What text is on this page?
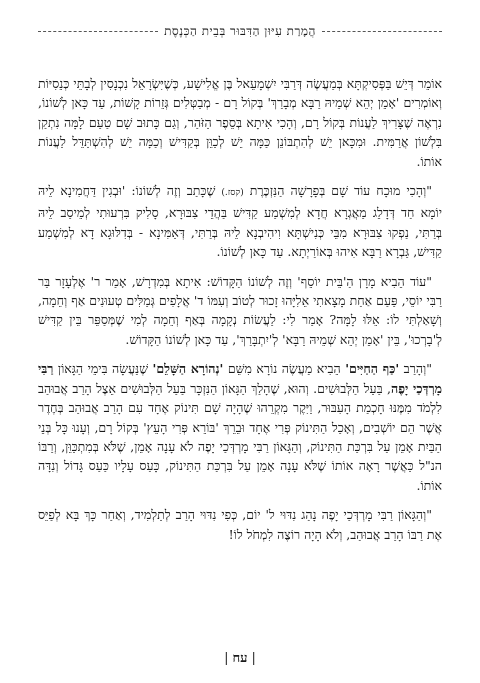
הֲמָרַת עִיּוּן הַדִּבּוּר בְּבֵית הַכְּנֶסֶת

אוֹמֵר דְּיֵשׁ בַּפְּסִיקְתָּא בְּמַעֲשֶׂה דְּרַבִּי יִשְׁמָעֵאל בֶּן אֱלִישָׁע, כְּשֶׁיִּשְׂרָאֵל נִכְנָסִין לְבָתֵּי כְּנֵסִיּוֹת וְאוֹמְרִים 'אָמֵן יְהֵא שְׁמֵיהּ רַבָּא מְבָרַךְ' בְּקוֹל רָם - מְבַטְּלִים גְּזֵרוֹת קָשׁוֹת, עַד כָּאן לְשׁוֹנוֹ, נִרְאֶה שֶׁצָּרִיךְ לַעֲנוֹת בְּקוֹל רָם, וְהָכִי אִיתָא בְּסֵפֶר הַזֹּהַר, וְגַם כָּתוּב שָׁם טַעַם לָמָּה נִתְקַן בִּלְשׁוֹן אֲרַמִּית. וּמִכָּאן יֵשׁ לְהִתְבּוֹנֵן כַּמָּה יֵשׁ לְכַוֵּן בְּקַדִּישׁ וְכַמָּה יֵשׁ לְהִשְׁתַּדֵּל לַעֲנוֹת אוֹתוֹ.

"וְהָכִי מוּכָח עוֹד שָׁם בְּפָרָשָׁה הַנִּזְכֶּרֶת (קסז.) שֶׁכָּתַב וְזֶה לְשׁוֹנוֹ: 'וּבְגִין דַּחֲמִינָא לֵיהּ יוֹמָא חַד דְּדָלֵג מַאֲגְרָא חֲדָא לְמִשְׁמַע קַדִּישׁ בַּהֲדֵי צִבּוּרָא, סָלִיק בִּרְעוּתִי לְמֵיסַב לֵיהּ בְּרַתִּי, נַפְקוּ צִבּוּרָא מִבֵּי כְּנִישְׁתָּא וִיהִיבְנָא לֵיהּ בְּרַתִּי, דְּאַמִּינָא - בְּדִלּוּגָא דָא לְמִשְׁמַע קַדִּישׁ, גַּבְרָא רַבָּא אִיהוּ בְּאוֹרַיְתָא. עַד כָּאן לְשׁוֹנוֹ.

"עוֹד הֵבִיא מָרָן הַ'בֵּית יוֹסֵף' וְזֶה לְשׁוֹנוֹ הַקָּדוֹשׁ: אִיתָא בְּמִדְרָשׁ, אָמַר ר' אֶלְעָזָר בַּר רַבִּי יוֹסֵי, פַּעַם אַחַת מָצָאתִי אֵלִיָּהוּ זָכוּר לְטוֹב וְעִמּוֹ ד' אֲלָפִים גְּמַלִּים טְעוּנִים אַף וְחֵמָה, וְשָׁאַלְתִּי לוֹ: אֵלּוּ לָמָּה? אָמַר לִי: לַעֲשׂוֹת נְקָמָה בְּאַף וְחֵמָה לְמִי שֶׁמְּסַפֵּר בֵּין קַדִּישׁ לְ'בָרְכוּ', בֵּין 'אָמֵן יְהֵא שְׁמֵיהּ רַבָּא' לְ'יִתְבָּרַךְ', עַד כָּאן לְשׁוֹנוֹ הַקָּדוֹשׁ.

"וְהָרַב 'כַּף הַחַיִּים' הֵבִיא מַעֲשֶׂה נוֹרָא מִשֵּׁם 'נְהוֹרָא הַשָּׁלֵם' שֶׁנַּעֲשָׂה בִּימֵי הַגָּאוֹן רַבִּי מָרְדְּכַי יָפֶה, בַּעַל הַלְּבוּשִׁים. וְהוּא, שֶׁהָלַךְ הַגָּאוֹן הַנִּזְכָּר בַּעַל הַלְּבוּשִׁים אֵצֶל הָרַב אֲבוּהַב לִלְמֹד מִמֶּנּוּ חָכְמַת הָעִבּוּר, וַיִּקֶר מִקְרֵהוּ שֶׁהָיָה שָׁם תִּינוֹק אֶחָד עִם הָרַב אֲבוּהַב בְּחֶדֶר אֲשֶׁר הֵם יוֹשְׁבִים, וְאָכַל הַתִּינוֹק פְּרִי אֶחָד וּבֵרֵךְ 'בּוֹרֵא פְּרִי הָעֵץ' בְּקוֹל רָם, וְעָנוּ כָּל בְּנֵי הַבַּיִת אָמֵן עַל בִּרְכַּת הַתִּינוֹק, וְהַגָּאוֹן רַבִּי מָרְדְּכַי יָפֶה לֹא עָנָה אָמֵן, שֶׁלֹּא בְּמִתְכַּוֵּן, וְרַבּוֹ הנ"ל כַּאֲשֶׁר רָאָה אוֹתוֹ שֶׁלֹּא עָנָה אָמֵן עַל בִּרְכַּת הַתִּינוֹק, כָּעַס עָלָיו כַּעַס גָּדוֹל וְנִדָּה אוֹתוֹ.

"וְהַגָּאוֹן רַבִּי מָרְדְּכַי יָפֶה נָהַג נִדּוּי ל' יוֹם, כְּפִי נִדּוּי הָרַב לְתַלְמִיד, וְאַחַר כָּךְ בָּא לְפַיֵּס אֶת רַבּוֹ הָרַב אֲבוּהַב, וְלֹא הָיָה רוֹצֶה לִמְחֹל לוֹ!

|עח|
